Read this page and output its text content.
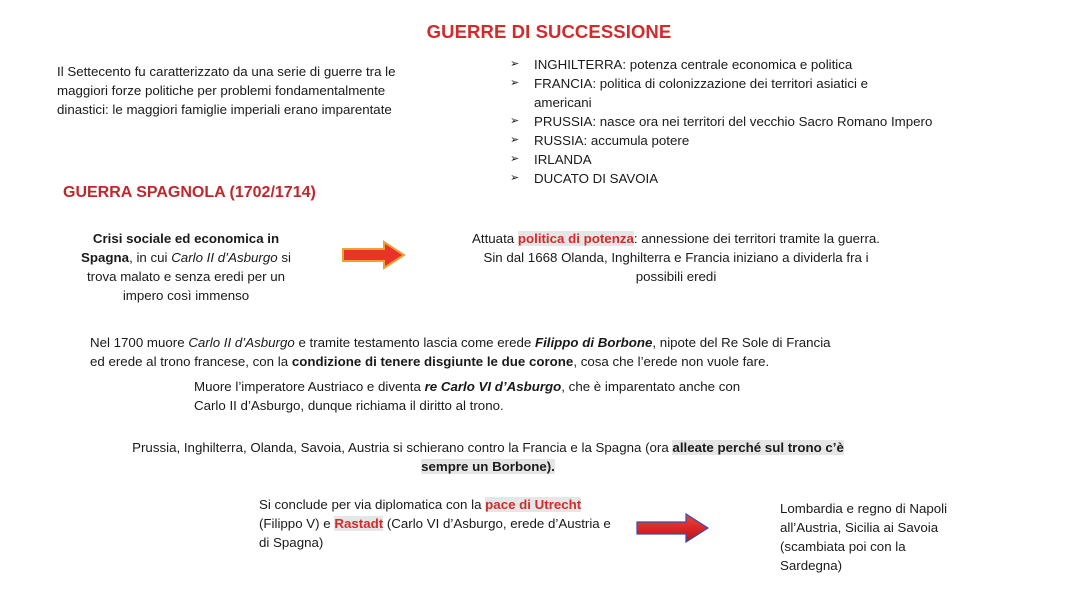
GUERRE DI SUCCESSIONE
Il Settecento fu caratterizzato da una serie di guerre tra le
maggiori forze politiche per problemi fondamentalmente
dinastici: le maggiori famiglie imperiali erano imparentate
➢ INGHILTERRA: potenza centrale economica e politica
➢ FRANCIA: politica di colonizzazione dei territori asiatici e americani
➢ PRUSSIA: nasce ora nei territori del vecchio Sacro Romano Impero
➢ RUSSIA: accumula potere
➢ IRLANDA
➢ DUCATO DI SAVOIA
GUERRA SPAGNOLA (1702/1714)
Crisi sociale ed economica in Spagna, in cui Carlo II d’Asburgo si trova malato e senza eredi per un impero così immenso
Attuata politica di potenza: annessione dei territori tramite la guerra. Sin dal 1668 Olanda, Inghilterra e Francia iniziano a dividerla fra i possibili eredi
Nel 1700 muore Carlo II d’Asburgo e tramite testamento lascia come erede Filippo di Borbone, nipote del Re Sole di Francia ed erede al trono francese, con la condizione di tenere disgiunte le due corone, cosa che l’erede non vuole fare.
Muore l’imperatore Austriaco e diventa re Carlo VI d’Asburgo, che è imparentato anche con Carlo II d’Asburgo, dunque richiama il diritto al trono.
Prussia, Inghilterra, Olanda, Savoia, Austria si schierano contro la Francia e la Spagna (ora alleate perché sul trono c’è sempre un Borbone).
Si conclude per via diplomatica con la pace di Utrecht (Filippo V) e Rastadt (Carlo VI d’Asburgo, erede d’Austria e di Spagna)
Lombardia e regno di Napoli
all’Austria, Sicilia ai Savoia
(scambiata poi con la
Sardegna)
